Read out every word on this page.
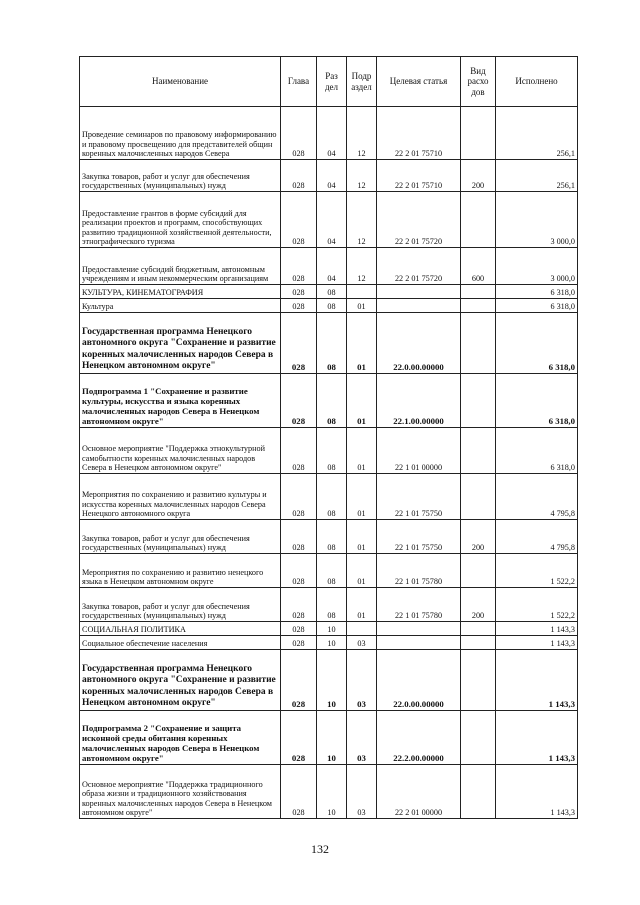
Наименование	Глава	Раз дел	Подр аздел	Целевая статья	Вид расхо дов	Исполнено
Проведение семинаров по правовому информированию и правовому просвещению для представителей общин коренных малочисленных народов Севера	028	04	12	22 2 01 75710		256,1
Закупка товаров, работ и услуг для обеспечения государственных (муниципальных) нужд	028	04	12	22 2 01 75710	200	256,1
Предоставление грантов в форме субсидий для реализации проектов и программ, способствующих развитию традиционной хозяйственной деятельности, этнографического туризма	028	04	12	22 2 01 75720		3 000,0
Предоставление субсидий бюджетным, автономным учреждениям и иным некоммерческим организациям	028	04	12	22 2 01 75720	600	3 000,0
КУЛЬТУРА, КИНЕМАТОГРАФИЯ	028	08				6 318,0
Культура	028	08	01			6 318,0
Государственная программа Ненецкого автономного округа "Сохранение и развитие коренных малочисленных народов Севера в Ненецком автономном округе"	028	08	01	22.0.00.00000		6 318,0
Подпрограмма 1 "Сохранение и развитие культуры, искусства и языка коренных малочисленных народов Севера в Ненецком автономном округе"	028	08	01	22.1.00.00000		6 318,0
Основное мероприятие "Поддержка этнокультурной самобытности коренных малочисленных народов Севера в Ненецком автономном округе"	028	08	01	22 1 01 00000		6 318,0
Мероприятия по сохранению и развитию культуры и искусства коренных малочисленных народов Севера Ненецкого автономного округа	028	08	01	22 1 01 75750		4 795,8
Закупка товаров, работ и услуг для обеспечения государственных (муниципальных) нужд	028	08	01	22 1 01 75750	200	4 795,8
Мероприятия по сохранению и развитию ненецкого языка в Ненецком автономном округе	028	08	01	22 1 01 75780		1 522,2
Закупка товаров, работ и услуг для обеспечения государственных (муниципальных) нужд	028	08	01	22 1 01 75780	200	1 522,2
СОЦИАЛЬНАЯ ПОЛИТИКА	028	10				1 143,3
Социальное обеспечение населения	028	10	03			1 143,3
Государственная программа Ненецкого автономного округа "Сохранение и развитие коренных малочисленных народов Севера в Ненецком автономном округе"	028	10	03	22.0.00.00000		1 143,3
Подпрограмма 2 "Сохранение и защита исконной среды обитания коренных малочисленных народов Севера в Ненецком автономном округе"	028	10	03	22.2.00.00000		1 143,3
Основное мероприятие "Поддержка традиционного образа жизни и традиционного хозяйствования коренных малочисленных народов Севера в Ненецком автономном округе"	028	10	03	22 2 01 00000		1 143,3
132
